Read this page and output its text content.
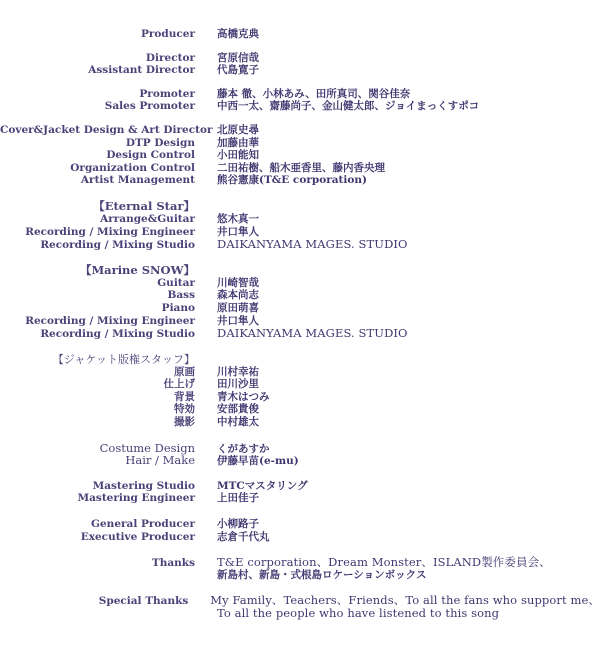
Producer 高橋克典
Director 宮原信哉
Assistant Director 代島寛子
Promoter 藤本 徹、小林あみ、田所真司、関谷佳奈
Sales Promoter 中西一太、齋藤尚子、金山健太郎、ジョイまっくすポコ
Cover&Jacket Design & Art Director 北原史尋
DTP Design 加藤由華
Design Control 小田能知
Organization Control 二田祐樹、船木亜香里、藤内香央理
Artist Management 熊谷憲康(T&E corporation)
【Eternal Star】
Arrange&Guitar 悠木真一
Recording / Mixing Engineer 井口隼人
Recording / Mixing Studio DAIKANYAMA MAGES. STUDIO
【Marine SNOW】
Guitar 川崎智哉
Bass 森本尚志
Piano 原田萌喜
Recording / Mixing Engineer 井口隼人
Recording / Mixing Studio DAIKANYAMA MAGES. STUDIO
【ジャケット版権スタッフ】
原画 川村幸祐
仕上げ 田川沙里
背景 青木はつみ
特効 安部貴俊
撮影 中村雄太
Costume Design くがあすか
Hair / Make 伊藤早苗(e-mu)
Mastering Studio MTCマスタリング
Mastering Engineer 上田佳子
General Producer 小柳路子
Executive Producer 志倉千代丸
Thanks T&E corporation、Dream Monster、ISLAND製作委員会、
新島村、新島・式根島ロケーションボックス
Special Thanks My Family、Teachers、Friends、To all the fans who support me、
To all the people who have listened to this song
